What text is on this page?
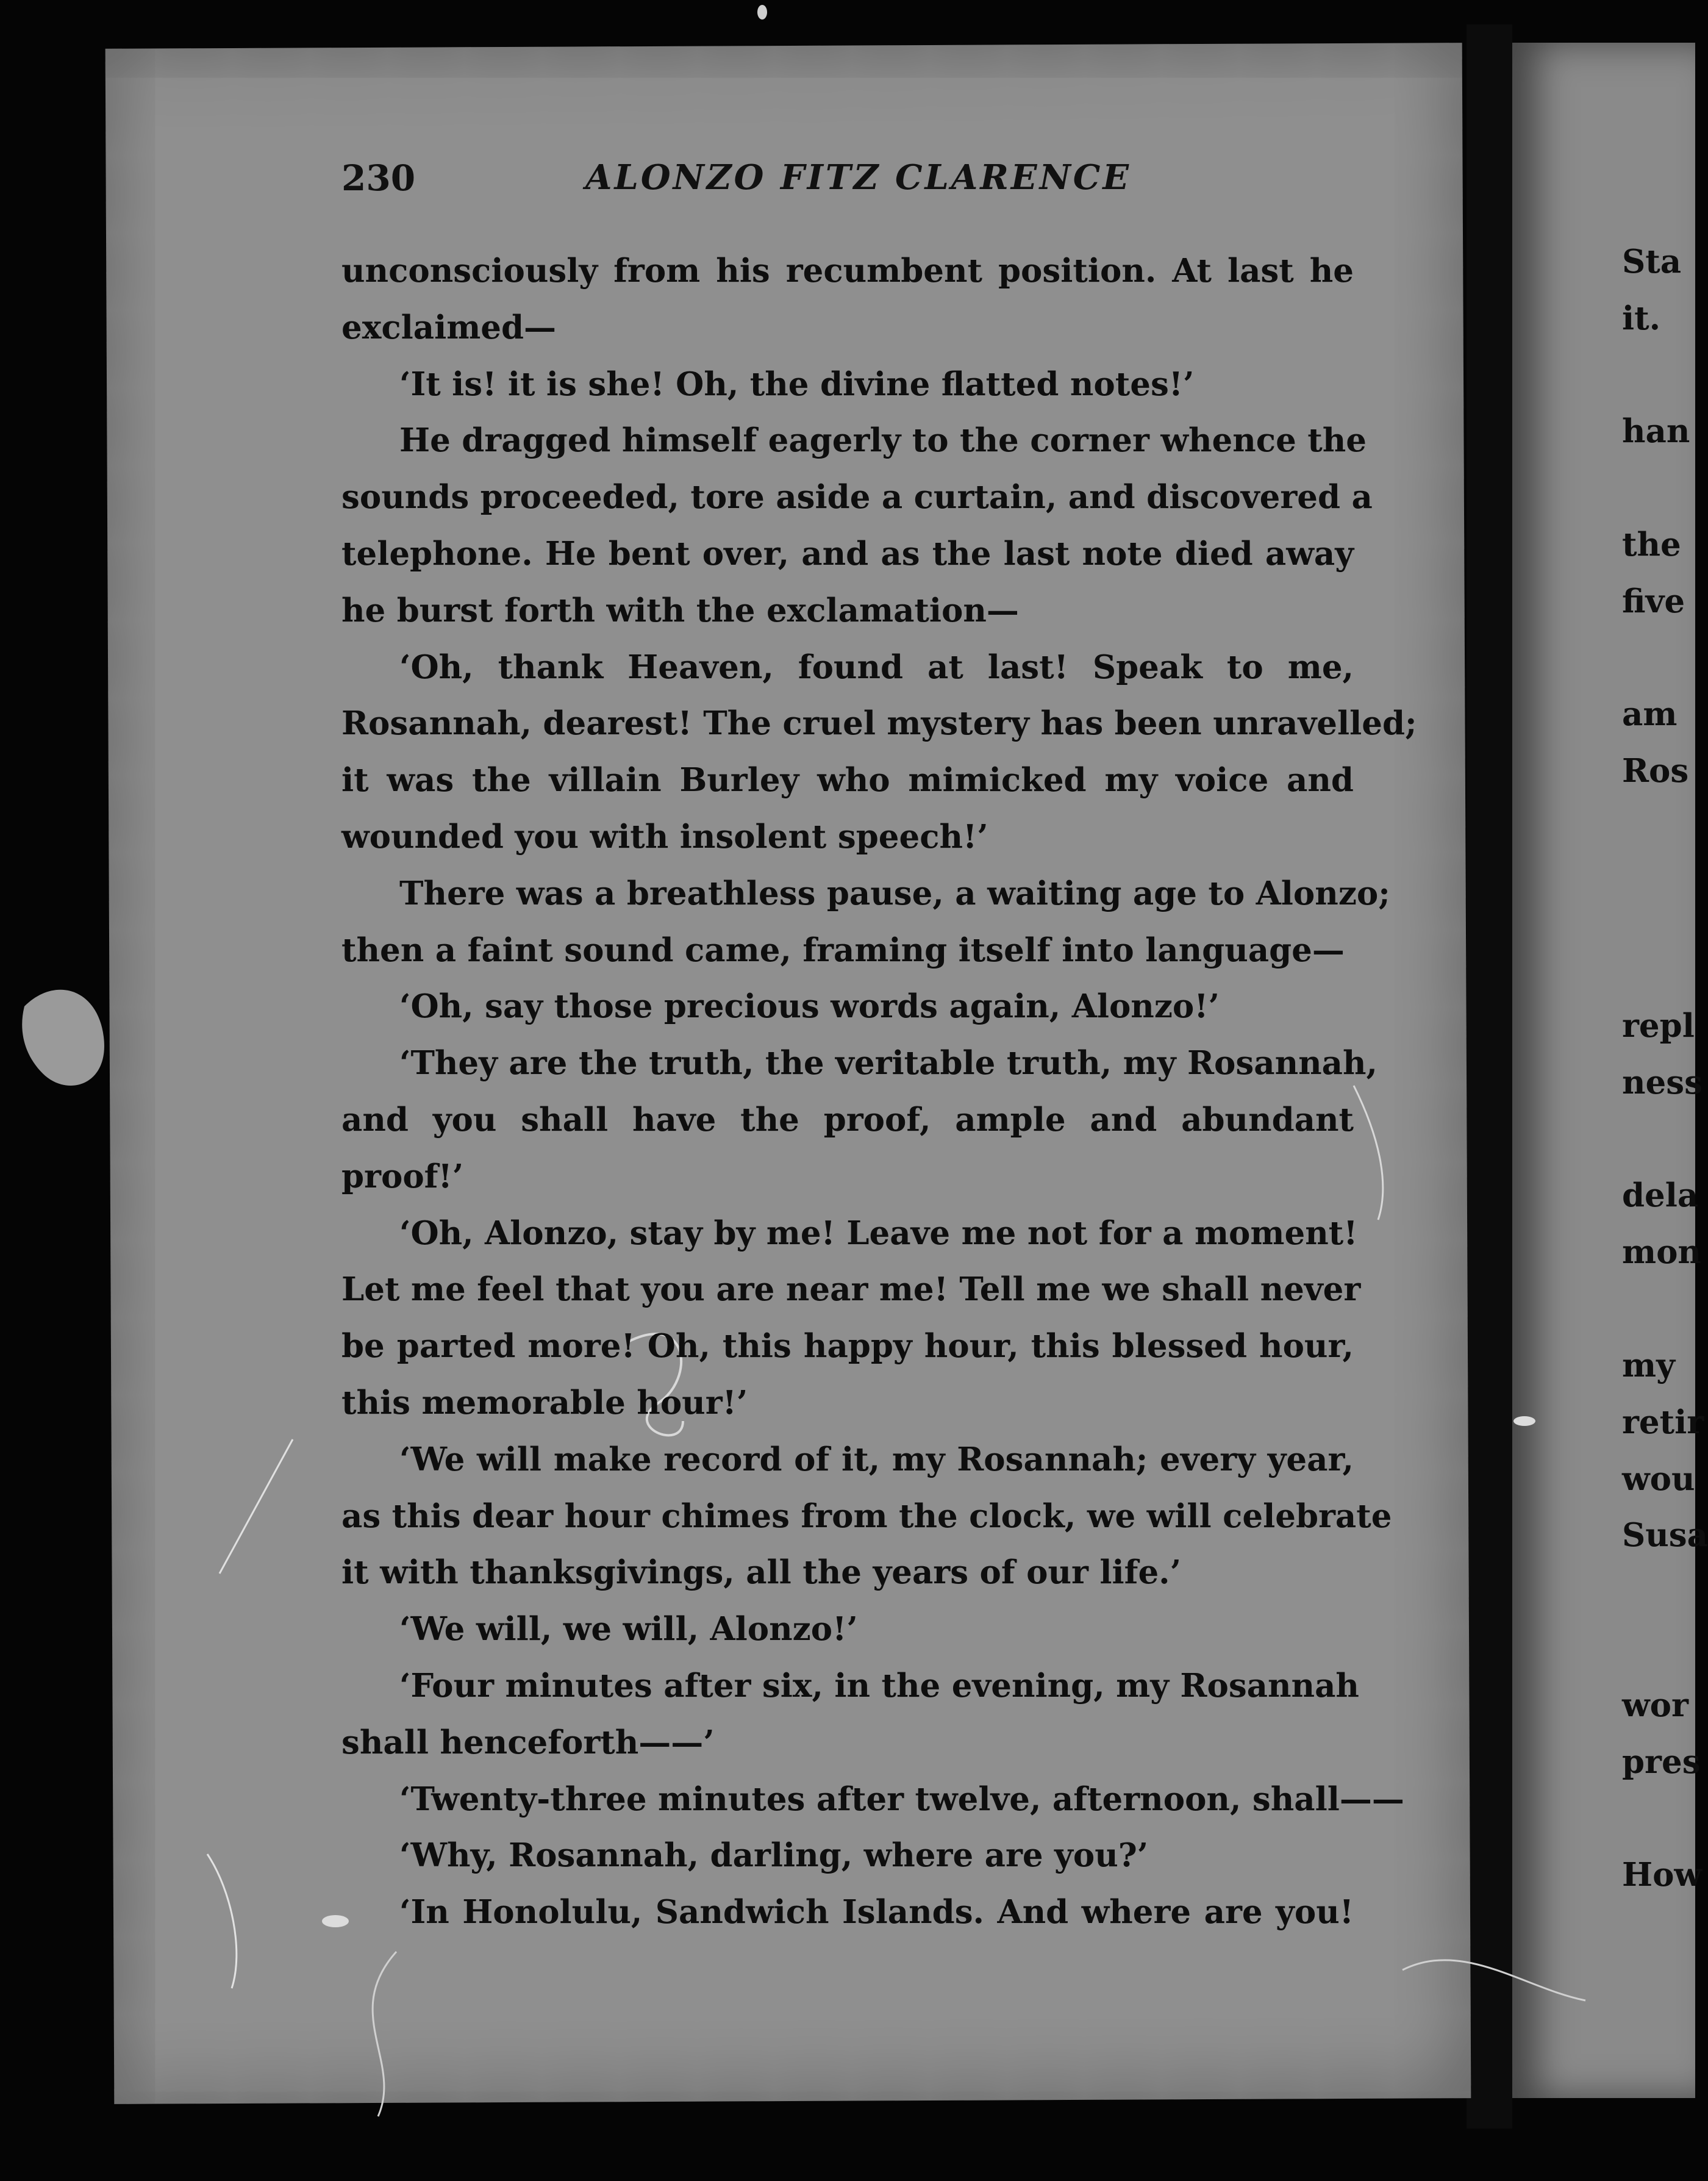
230	ALONZO FITZ CLARENCE
unconsciously from his recumbent position. At last he
exclaimed—
‘It is! it is she! Oh, the divine flatted notes!’
He dragged himself eagerly to the corner whence the
sounds proceeded, tore aside a curtain, and discovered a
telephone. He bent over, and as the last note died away
he burst forth with the exclamation—
‘Oh, thank Heaven, found at last! Speak to me,
Rosannah, dearest! The cruel mystery has been unravelled;
it was the villain Burley who mimicked my voice and
wounded you with insolent speech!’
There was a breathless pause, a waiting age to Alonzo;
then a faint sound came, framing itself into language—
‘Oh, say those precious words again, Alonzo!’
‘They are the truth, the veritable truth, my Rosannah,
and you shall have the proof, ample and abundant
proof!’
‘Oh, Alonzo, stay by me! Leave me not for a moment!
Let me feel that you are near me! Tell me we shall never
be parted more! Oh, this happy hour, this blessed hour,
this memorable hour!’
‘We will make record of it, my Rosannah; every year,
as this dear hour chimes from the clock, we will celebrate
it with thanksgivings, all the years of our life.’
‘We will, we will, Alonzo!’
‘Four minutes after six, in the evening, my Rosannah
shall henceforth——’
‘Twenty-three minutes after twelve, afternoon, shall——
‘Why, Rosannah, darling, where are you?’
‘In Honolulu, Sandwich Islands. And where are you!
Sta
it.
han
the
five
am
Ros
repl
ness
dela
mon
my
retir
wou
Susa
wor
pres
How
